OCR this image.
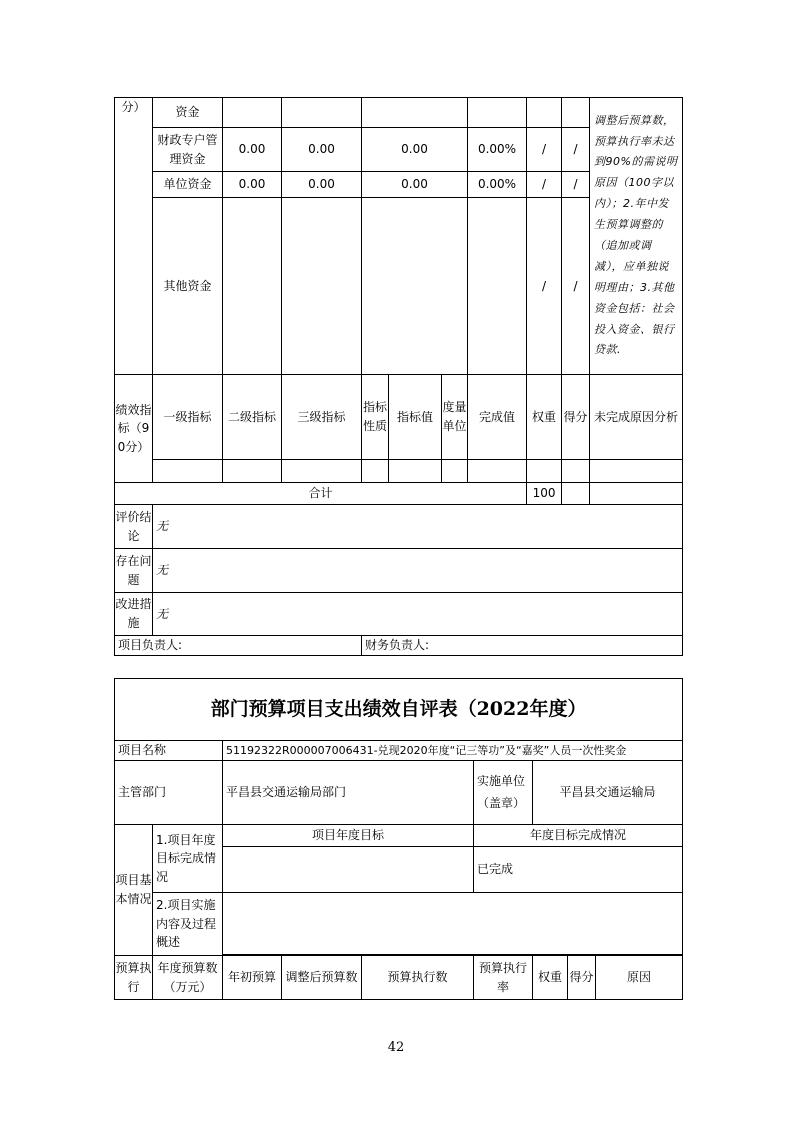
分）	资金									调整后预算数，预算执行率未达到90%的需说明原因（100字以内）；2.年中发生预算调整的（追加或调减），应单独说明理由；3.其他资金包括：社会投入资金、银行贷款.
	财政专户管理资金	0.00	0.00	0.00			0.00%	/	/	
	单位资金	0.00	0.00	0.00			0.00%	/	/	
	其他资金							/	/	
绩效指标（90分）	一级指标	二级指标	三级指标	指标性质	指标值	度量单位	完成值	权重	得分	未完成原因分析

合计								100		
评价结论	无									
存在问题	无									
改进措施	无									
项目负责人:				财务负责人:						
部门预算项目支出绩效自评表（2022年度）								
项目名称		51192322R000007006431-兑现2020年度“记三等功”及“嘉奖”人员一次性奖金						
主管部门		平昌县交通运输局部门			实施单位（盖章）	平昌县交通运输局		
项目基本情况	1.项目年度目标完成情况	项目年度目标			年度目标完成情况			
					已完成			
	2.项目实施内容及过程概述							

预算执行	年度预算数（万元）	年初预算	调整后预算数	预算执行数	预算执行率	权重	得分	原因
42
